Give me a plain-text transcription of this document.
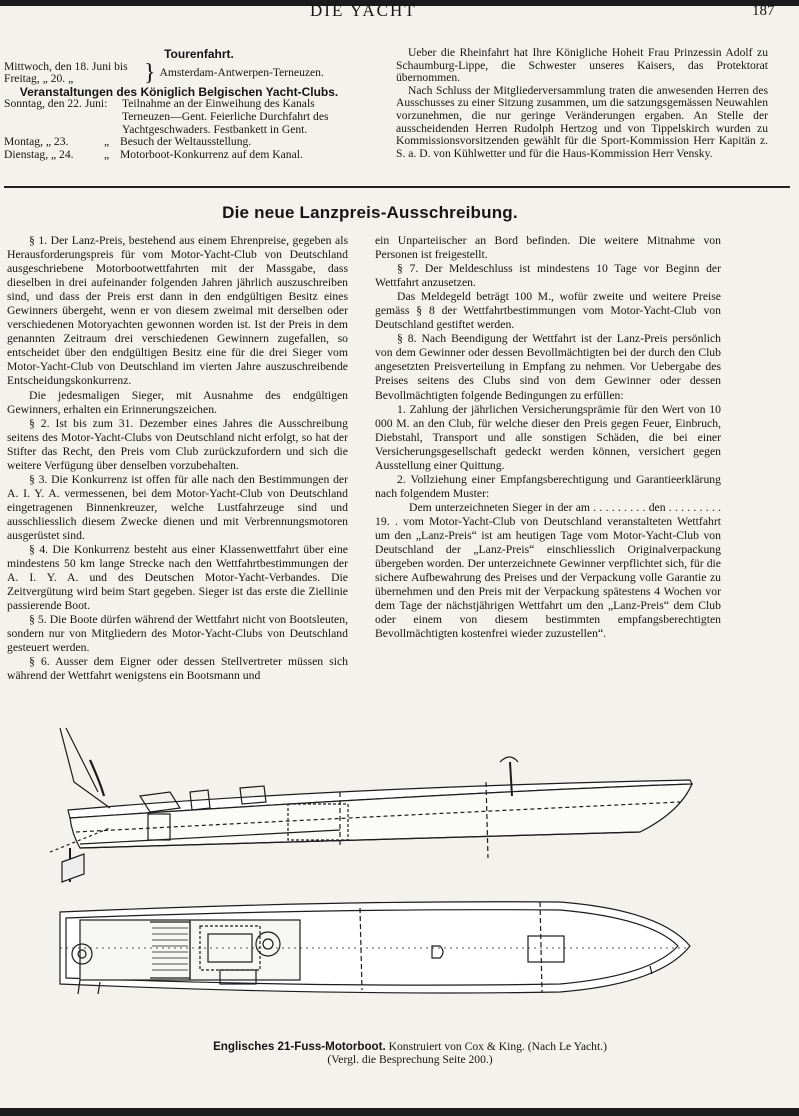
DIE YACHT	187
Tourenfahrt.
Mittwoch, den 18. Juni bis
Freitag, „ 20. „	} Amsterdam-Antwerpen-Terneuzen.
Veranstaltungen des Königlich Belgischen Yacht-Clubs.
Sonntag, den 22. Juni:	Teilnahme an der Einweihung des Kanals Terneuzen—Gent. Feierliche Durchfahrt des Yachtgeschwaders. Festbankett in Gent.
Montag, „ 23.	„ Besuch der Weltausstellung.
Dienstag, „ 24.	„ Motorboot-Konkurrenz auf dem Kanal.

Ueber die Rheinfahrt hat Ihre Königliche Hoheit Frau Prinzessin Adolf zu Schaumburg-Lippe, die Schwester unseres Kaisers, das Protektorat übernommen.

Nach Schluss der Mitgliederversammlung traten die anwesenden Herren des Ausschusses zu einer Sitzung zusammen, um die satzungsgemässen Neuwahlen vorzunehmen, die nur geringe Veränderungen ergaben. An Stelle der ausscheidenden Herren Rudolph Hertzog und von Tippelskirch wurden zu Kommissionsvorsitzenden gewählt für die Sport-Kommission Herr Kapitän z. S. a. D. von Kühlwetter und für die Haus-Kommission Herr Vensky.

Die neue Lanzpreis-Ausschreibung.

§ 1. Der Lanz-Preis, bestehend aus einem Ehrenpreise, gegeben als Herausforderungspreis für vom Motor-Yacht-Club von Deutschland ausgeschriebene Motorbootwettfahrten mit der Massgabe, dass dieselben in drei aufeinander folgenden Jahren jährlich auszuschreiben sind, und dass der Preis erst dann in den endgültigen Besitz eines Gewinners übergeht, wenn er von diesem zweimal mit derselben oder verschiedenen Motoryachten gewonnen worden ist. Ist der Preis in dem genannten Zeitraum drei verschiedenen Gewinnern zugefallen, so entscheidet über den endgültigen Besitz eine für die drei Sieger vom Motor-Yacht-Club von Deutschland im vierten Jahre auszuschreibende Entscheidungskonkurrenz.

Die jedesmaligen Sieger, mit Ausnahme des endgültigen Gewinners, erhalten ein Erinnerungszeichen.

§ 2. Ist bis zum 31. Dezember eines Jahres die Ausschreibung seitens des Motor-Yacht-Clubs von Deutschland nicht erfolgt, so hat der Stifter das Recht, den Preis vom Club zurückzufordern und sich die weitere Verfügung über denselben vorzubehalten.

§ 3. Die Konkurrenz ist offen für alle nach den Bestimmungen der A. I. Y. A. vermessenen, bei dem Motor-Yacht-Club von Deutschland eingetragenen Binnenkreuzer, welche Lustfahrzeuge sind und ausschliesslich diesem Zwecke dienen und mit Verbrennungsmotoren ausgerüstet sind.

§ 4. Die Konkurrenz besteht aus einer Klassenwettfahrt über eine mindestens 50 km lange Strecke nach den Wettfahrtbestimmungen der A. I. Y. A. und des Deutschen Motor-Yacht-Verbandes. Die Zeitvergütung wird beim Start gegeben. Sieger ist das erste die Ziellinie passierende Boot.

§ 5. Die Boote dürfen während der Wettfahrt nicht von Bootsleuten, sondern nur von Mitgliedern des Motor-Yacht-Clubs von Deutschland gesteuert werden.

§ 6. Ausser dem Eigner oder dessen Stellvertreter müssen sich während der Wettfahrt wenigstens ein Bootsmann und

ein Unparteiischer an Bord befinden. Die weitere Mitnahme von Personen ist freigestellt.

§ 7. Der Meldeschluss ist mindestens 10 Tage vor Beginn der Wettfahrt anzusetzen.

Das Meldegeld beträgt 100 M., wofür zweite und weitere Preise gemäss § 8 der Wettfahrtbestimmungen vom Motor-Yacht-Club von Deutschland gestiftet werden.

§ 8. Nach Beendigung der Wettfahrt ist der Lanz-Preis persönlich von dem Gewinner oder dessen Bevollmächtigten bei der durch den Club angesetzten Preisverteilung in Empfang zu nehmen. Vor Uebergabe des Preises seitens des Clubs sind von dem Gewinner oder dessen Bevollmächtigten folgende Bedingungen zu erfüllen:

1. Zahlung der jährlichen Versicherungsprämie für den Wert von 10 000 M. an den Club, für welche dieser den Preis gegen Feuer, Einbruch, Diebstahl, Transport und alle sonstigen Schäden, die bei einer Versicherungsgesellschaft gedeckt werden können, versichert gegen Ausstellung einer Quittung.

2. Vollziehung einer Empfangsberechtigung und Garantieerklärung nach folgendem Muster:

Dem unterzeichneten Sieger in der am . . . . . . . . . den . . . . . . . . . 19. . vom Motor-Yacht-Club von Deutschland veranstalteten Wettfahrt um den „Lanz-Preis“ ist am heutigen Tage vom Motor-Yacht-Club von Deutschland der „Lanz-Preis“ einschliesslich Originalverpackung übergeben worden. Der unterzeichnete Gewinner verpflichtet sich, für die sichere Aufbewahrung des Preises und der Verpackung volle Garantie zu übernehmen und den Preis mit der Verpackung spätestens 4 Wochen vor dem Tage der nächstjährigen Wettfahrt um den „Lanz-Preis“ dem Club oder einem von diesem bestimmten empfangsberechtigten Bevollmächtigten kostenfrei wieder zuzustellen“.

Englisches 21-Fuss-Motorboot. Konstruiert von Cox & King. (Nach Le Yacht.)
(Vergl. die Besprechung Seite 200.)
